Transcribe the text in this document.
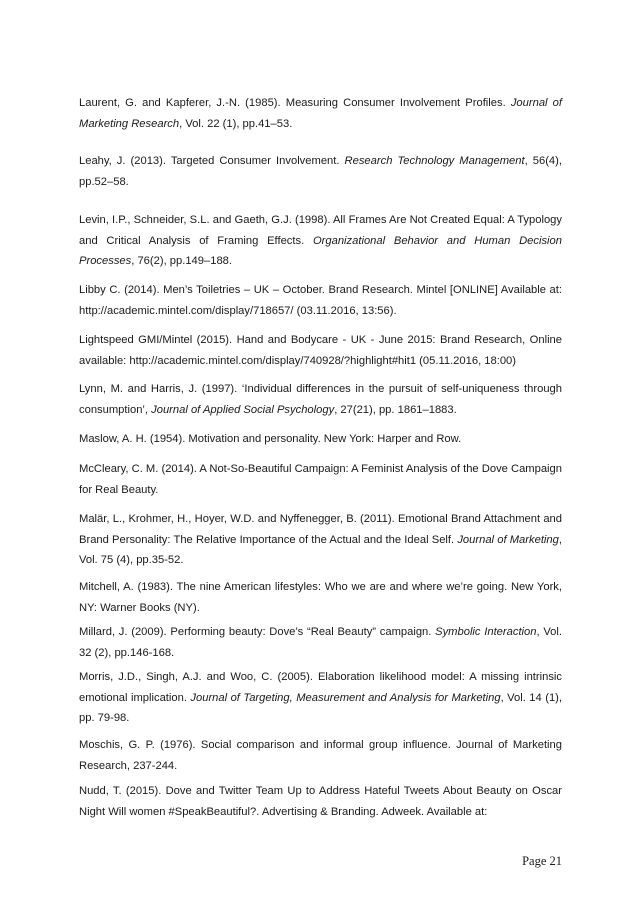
Laurent, G. and Kapferer, J.-N. (1985). Measuring Consumer Involvement Profiles. Journal of Marketing Research, Vol. 22 (1), pp.41–53.

Leahy, J. (2013). Targeted Consumer Involvement. Research Technology Management, 56(4), pp.52–58.

Levin, I.P., Schneider, S.L. and Gaeth, G.J. (1998). All Frames Are Not Created Equal: A Typology and Critical Analysis of Framing Effects. Organizational Behavior and Human Decision Processes, 76(2), pp.149–188.

Libby C. (2014). Men’s Toiletries – UK – October. Brand Research. Mintel [ONLINE] Available at: http://academic.mintel.com/display/718657/ (03.11.2016, 13:56).

Lightspeed GMI/Mintel (2015). Hand and Bodycare - UK - June 2015: Brand Research, Online available: http://academic.mintel.com/display/740928/?highlight#hit1 (05.11.2016, 18:00)

Lynn, M. and Harris, J. (1997). ‘Individual differences in the pursuit of self-uniqueness through consumption’, Journal of Applied Social Psychology, 27(21), pp. 1861–1883.

Maslow, A. H. (1954). Motivation and personality. New York: Harper and Row.

McCleary, C. M. (2014). A Not-So-Beautiful Campaign: A Feminist Analysis of the Dove Campaign for Real Beauty.

Malär, L., Krohmer, H., Hoyer, W.D. and Nyffenegger, B. (2011). Emotional Brand Attachment and Brand Personality: The Relative Importance of the Actual and the Ideal Self. Journal of Marketing, Vol. 75 (4), pp.35-52.

Mitchell, A. (1983). The nine American lifestyles: Who we are and where we’re going. New York, NY: Warner Books (NY).

Millard, J. (2009). Performing beauty: Dove’s “Real Beauty” campaign. Symbolic Interaction, Vol. 32 (2), pp.146-168.

Morris, J.D., Singh, A.J. and Woo, C. (2005). Elaboration likelihood model: A missing intrinsic emotional implication. Journal of Targeting, Measurement and Analysis for Marketing, Vol. 14 (1), pp. 79-98.

Moschis, G. P. (1976). Social comparison and informal group influence. Journal of Marketing Research, 237-244.

Nudd, T. (2015). Dove and Twitter Team Up to Address Hateful Tweets About Beauty on Oscar Night Will women #SpeakBeautiful?. Advertising & Branding. Adweek. Available at:

Page 21
